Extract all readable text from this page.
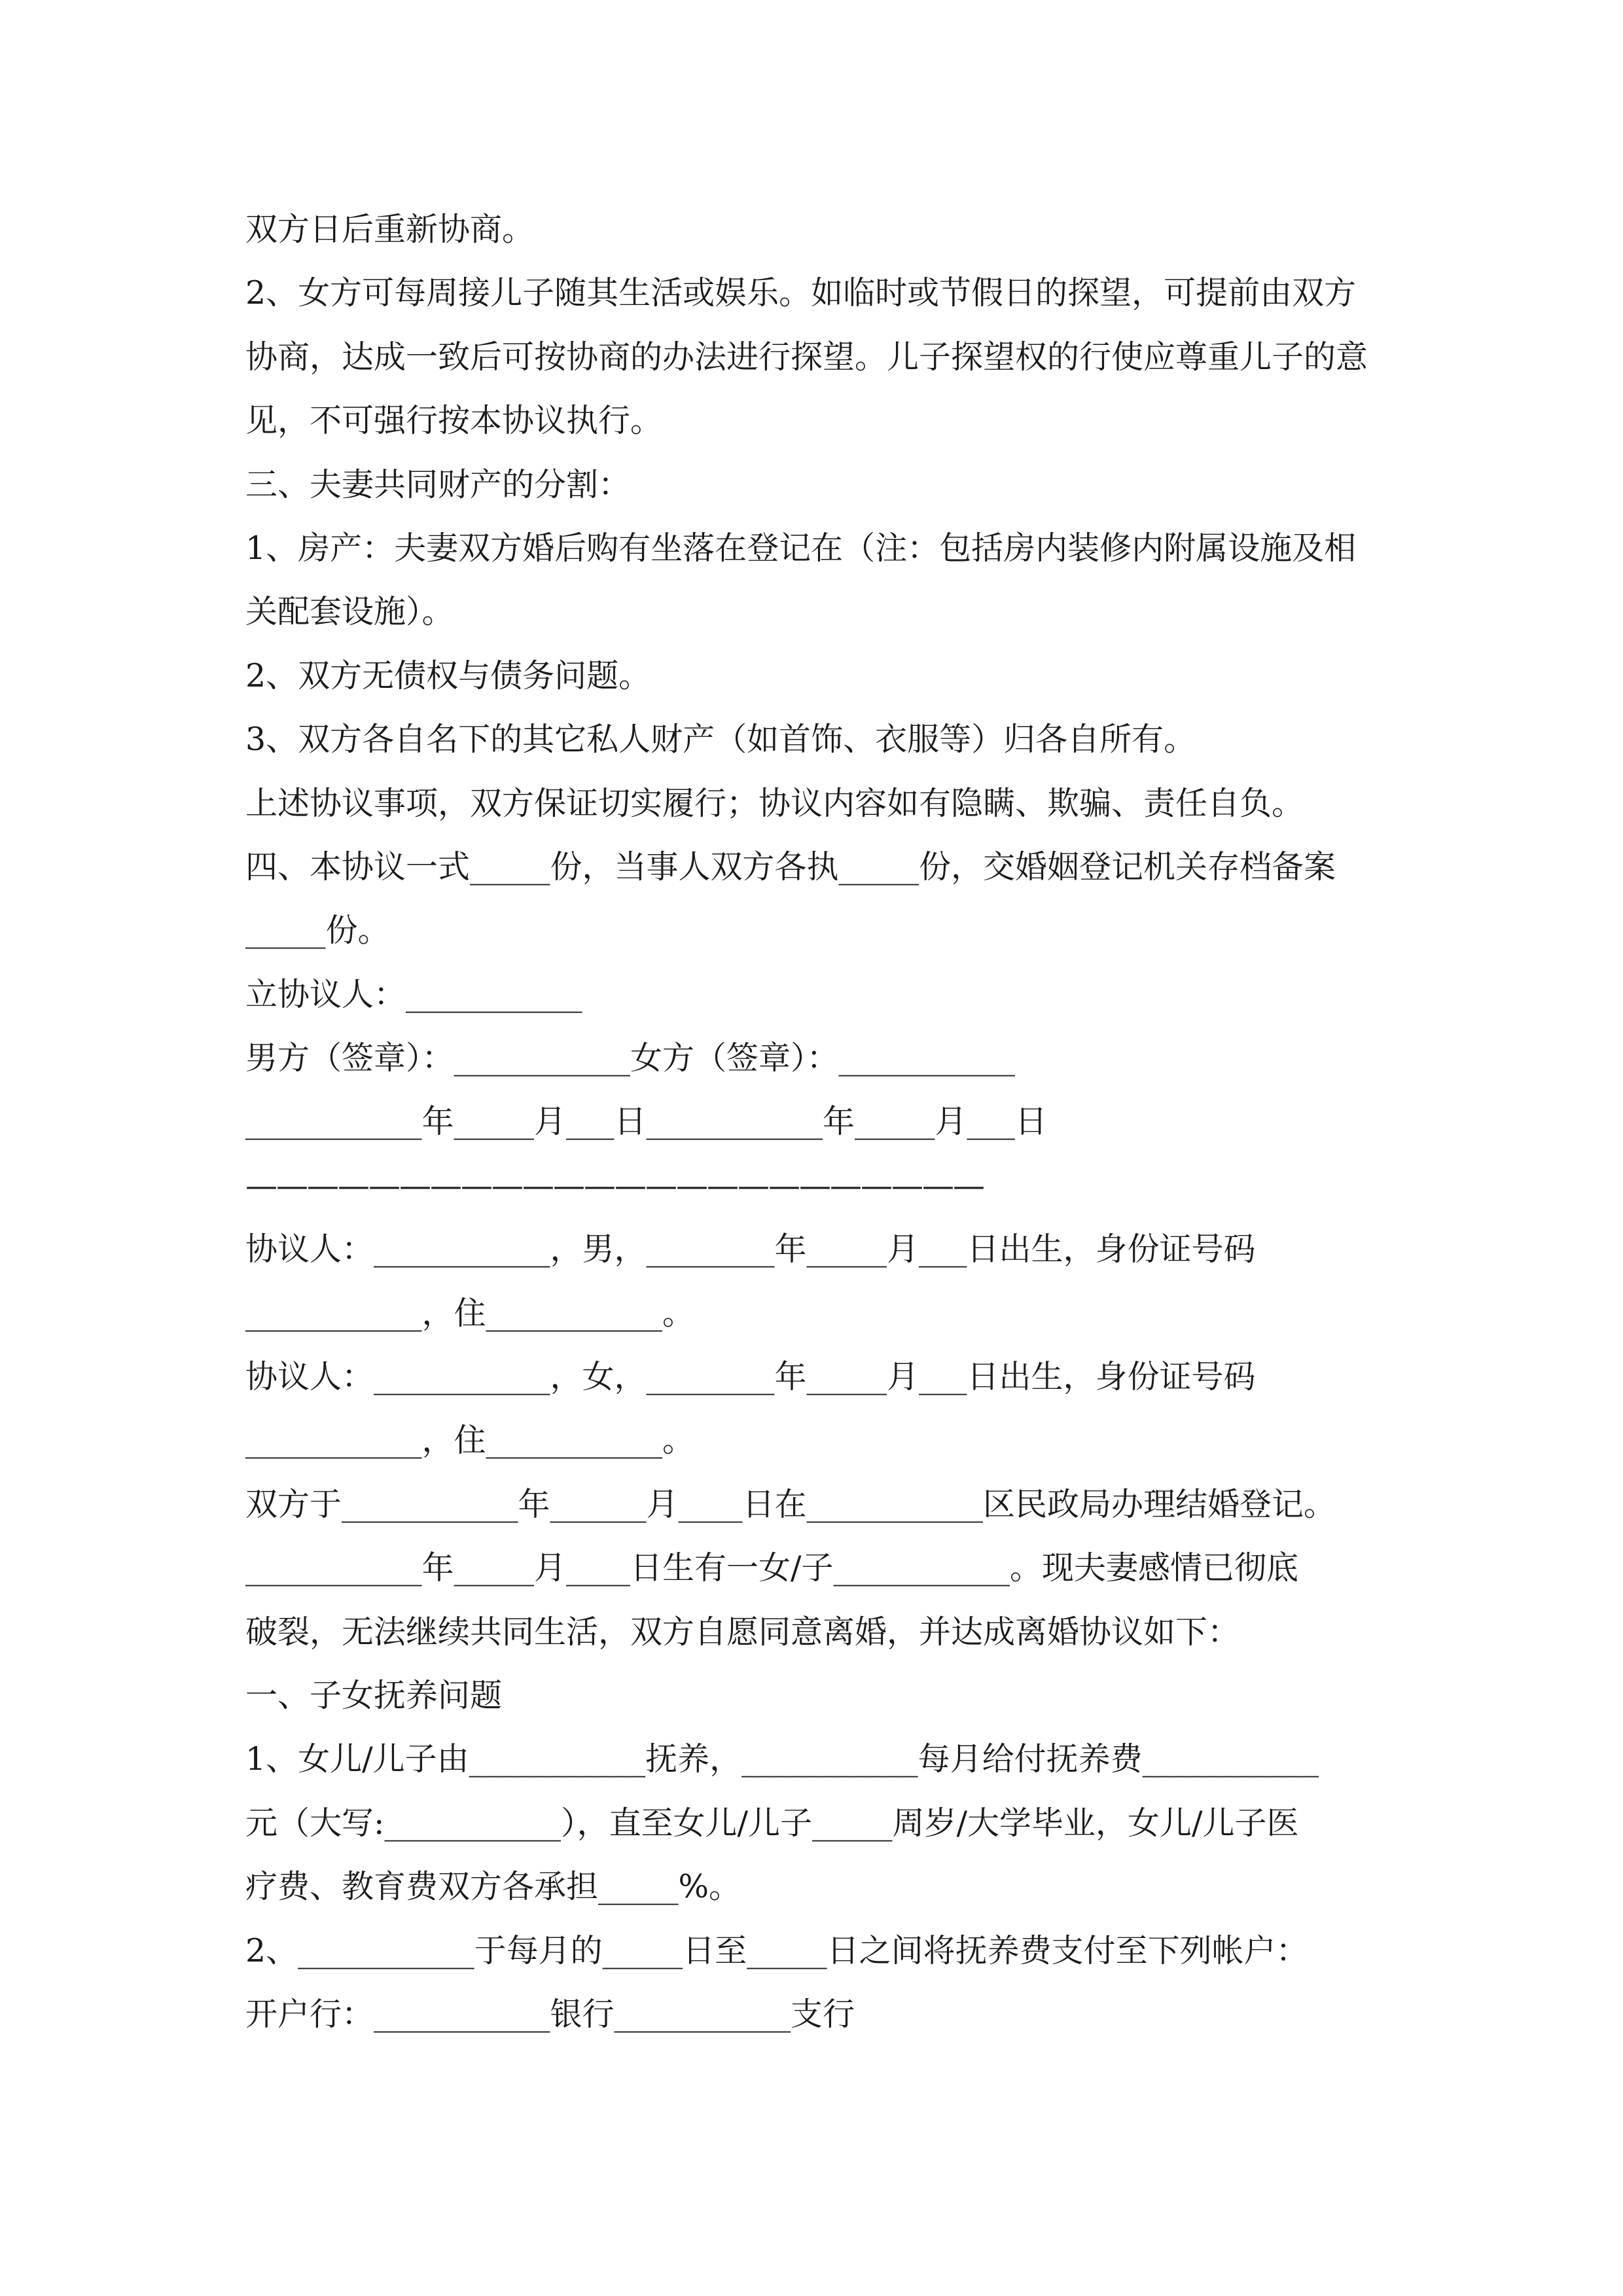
双方日后重新协商。
2、女方可每周接儿子随其生活或娱乐。如临时或节假日的探望，可提前由双方
协商，达成一致后可按协商的办法进行探望。儿子探望权的行使应尊重儿子的意
见，不可强行按本协议执行。
三、夫妻共同财产的分割：
1、房产：夫妻双方婚后购有坐落在登记在（注：包括房内装修内附属设施及相
关配套设施）。
2、双方无债权与债务问题。
3、双方各自名下的其它私人财产（如首饰、衣服等）归各自所有。
上述协议事项，双方保证切实履行；协议内容如有隐瞒、欺骗、责任自负。
四、本协议一式_____份，当事人双方各执_____份，交婚姻登记机关存档备案
_____份。
立协议人：___________
男方（签章）：___________女方（签章）：___________
___________年_____月___日___________年_____月___日
————————————————————————
协议人：___________，男，________年_____月___日出生，身份证号码
___________，住___________。
协议人：___________，女，________年_____月___日出生，身份证号码
___________，住___________。
双方于___________年______月____日在___________区民政局办理结婚登记。
___________年_____月____日生有一女/子___________。现夫妻感情已彻底
破裂，无法继续共同生活，双方自愿同意离婚，并达成离婚协议如下：
一、子女抚养问题
1、女儿/儿子由___________抚养，___________每月给付抚养费___________
元（大写:___________），直至女儿/儿子_____周岁/大学毕业，女儿/儿子医
疗费、教育费双方各承担_____%。
2、___________于每月的_____日至_____日之间将抚养费支付至下列帐户：
开户行：___________银行___________支行
